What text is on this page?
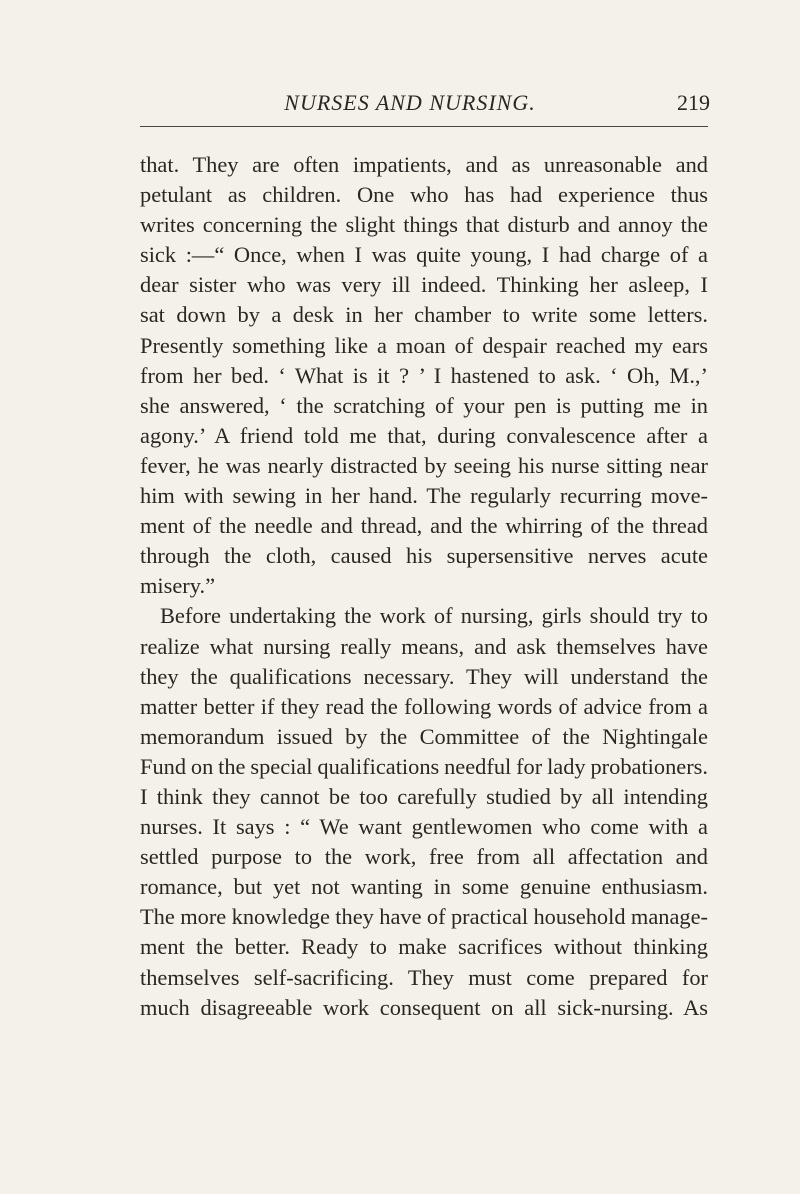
NURSES AND NURSING.	219

that. They are often impatients, and as unreasonable and
petulant as children. One who has had experience thus
writes concerning the slight things that disturb and annoy the
sick :—“ Once, when I was quite young, I had charge of a
dear sister who was very ill indeed. Thinking her asleep, I
sat down by a desk in her chamber to write some letters.
Presently something like a moan of despair reached my ears
from her bed. ‘ What is it ? ’ I hastened to ask. ‘ Oh, M.,’
she answered, ‘ the scratching of your pen is putting me in
agony.’ A friend told me that, during convalescence after a
fever, he was nearly distracted by seeing his nurse sitting near
him with sewing in her hand. The regularly recurring move-
ment of the needle and thread, and the whirring of the thread
through the cloth, caused his supersensitive nerves acute
misery.”

Before undertaking the work of nursing, girls should try to
realize what nursing really means, and ask themselves have
they the qualifications necessary. They will understand the
matter better if they read the following words of advice from a
memorandum issued by the Committee of the Nightingale
Fund on the special qualifications needful for lady probationers.
I think they cannot be too carefully studied by all intending
nurses. It says : “ We want gentlewomen who come with a
settled purpose to the work, free from all affectation and
romance, but yet not wanting in some genuine enthusiasm.
The more knowledge they have of practical household manage-
ment the better. Ready to make sacrifices without thinking
themselves self-sacrificing. They must come prepared for
much disagreeable work consequent on all sick-nursing. As
